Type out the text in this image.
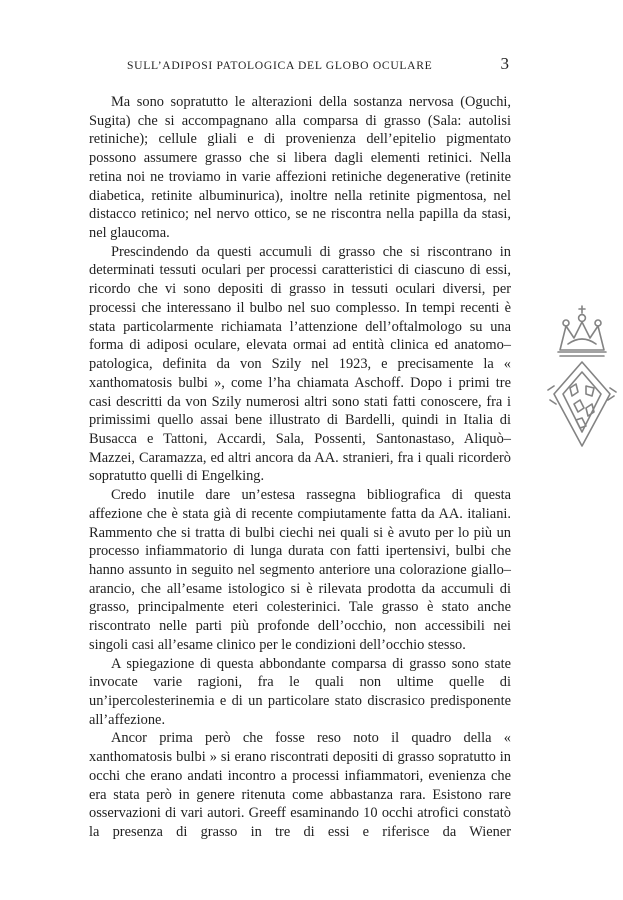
SULL’ADIPOSI PATOLOGICA DEL GLOBO OCULARE	3

Ma sono sopratutto le alterazioni della sostanza nervosa (Oguchi, Sugita) che si accompagnano alla comparsa di grasso (Sala: autolisi retiniche); cellule gliali e di provenienza dell’epitelio pigmentato possono assumere grasso che si libera dagli elementi retinici. Nella retina noi ne troviamo in varie affezioni retiniche degenerative (retinite diabetica, retinite albuminurica), inoltre nella retinite pigmentosa, nel distacco retinico; nel nervo ottico, se ne riscontra nella papilla da stasi, nel glaucoma.

Prescindendo da questi accumuli di grasso che si riscontrano in determinati tessuti oculari per processi caratteristici di ciascuno di essi, ricordo che vi sono depositi di grasso in tessuti oculari diversi, per processi che interessano il bulbo nel suo complesso. In tempi recenti è stata particolarmente richiamata l’attenzione dell’oftalmologo su una forma di adiposi oculare, elevata ormai ad entità clinica ed anatomo–patologica, definita da von Szily nel 1923, e precisamente la « xanthomatosis bulbi », come l’ha chiamata Aschoff. Dopo i primi tre casi descritti da von Szily numerosi altri sono stati fatti conoscere, fra i primissimi quello assai bene illustrato di Bardelli, quindi in Italia di Busacca e Tattoni, Accardi, Sala, Possenti, Santonastaso, Aliquò–Mazzei, Caramazza, ed altri ancora da AA. stranieri, fra i quali ricorderò sopratutto quelli di Engelking.

Credo inutile dare un’estesa rassegna bibliografica di questa affezione che è stata già di recente compiutamente fatta da AA. italiani. Rammento che si tratta di bulbi ciechi nei quali si è avuto per lo più un processo infiammatorio di lunga durata con fatti ipertensivi, bulbi che hanno assunto in seguito nel segmento anteriore una colorazione giallo–arancio, che all’esame istologico si è rilevata prodotta da accumuli di grasso, principalmente eteri colesterinici. Tale grasso è stato anche riscontrato nelle parti più profonde dell’occhio, non accessibili nei singoli casi all’esame clinico per le condizioni dell’occhio stesso.

A spiegazione di questa abbondante comparsa di grasso sono state invocate varie ragioni, fra le quali non ultime quelle di un’ipercolesterinemia e di un particolare stato discrasico predisponente all’affezione.

Ancor prima però che fosse reso noto il quadro della « xanthomatosis bulbi » si erano riscontrati depositi di grasso sopratutto in occhi che erano andati incontro a processi infiammatori, evenienza che era stata però in genere ritenuta come abbastanza rara. Esistono rare osservazioni di vari autori. Greeff esaminando 10 occhi atrofici constatò la presenza di grasso in tre di essi e riferisce da Wiener
